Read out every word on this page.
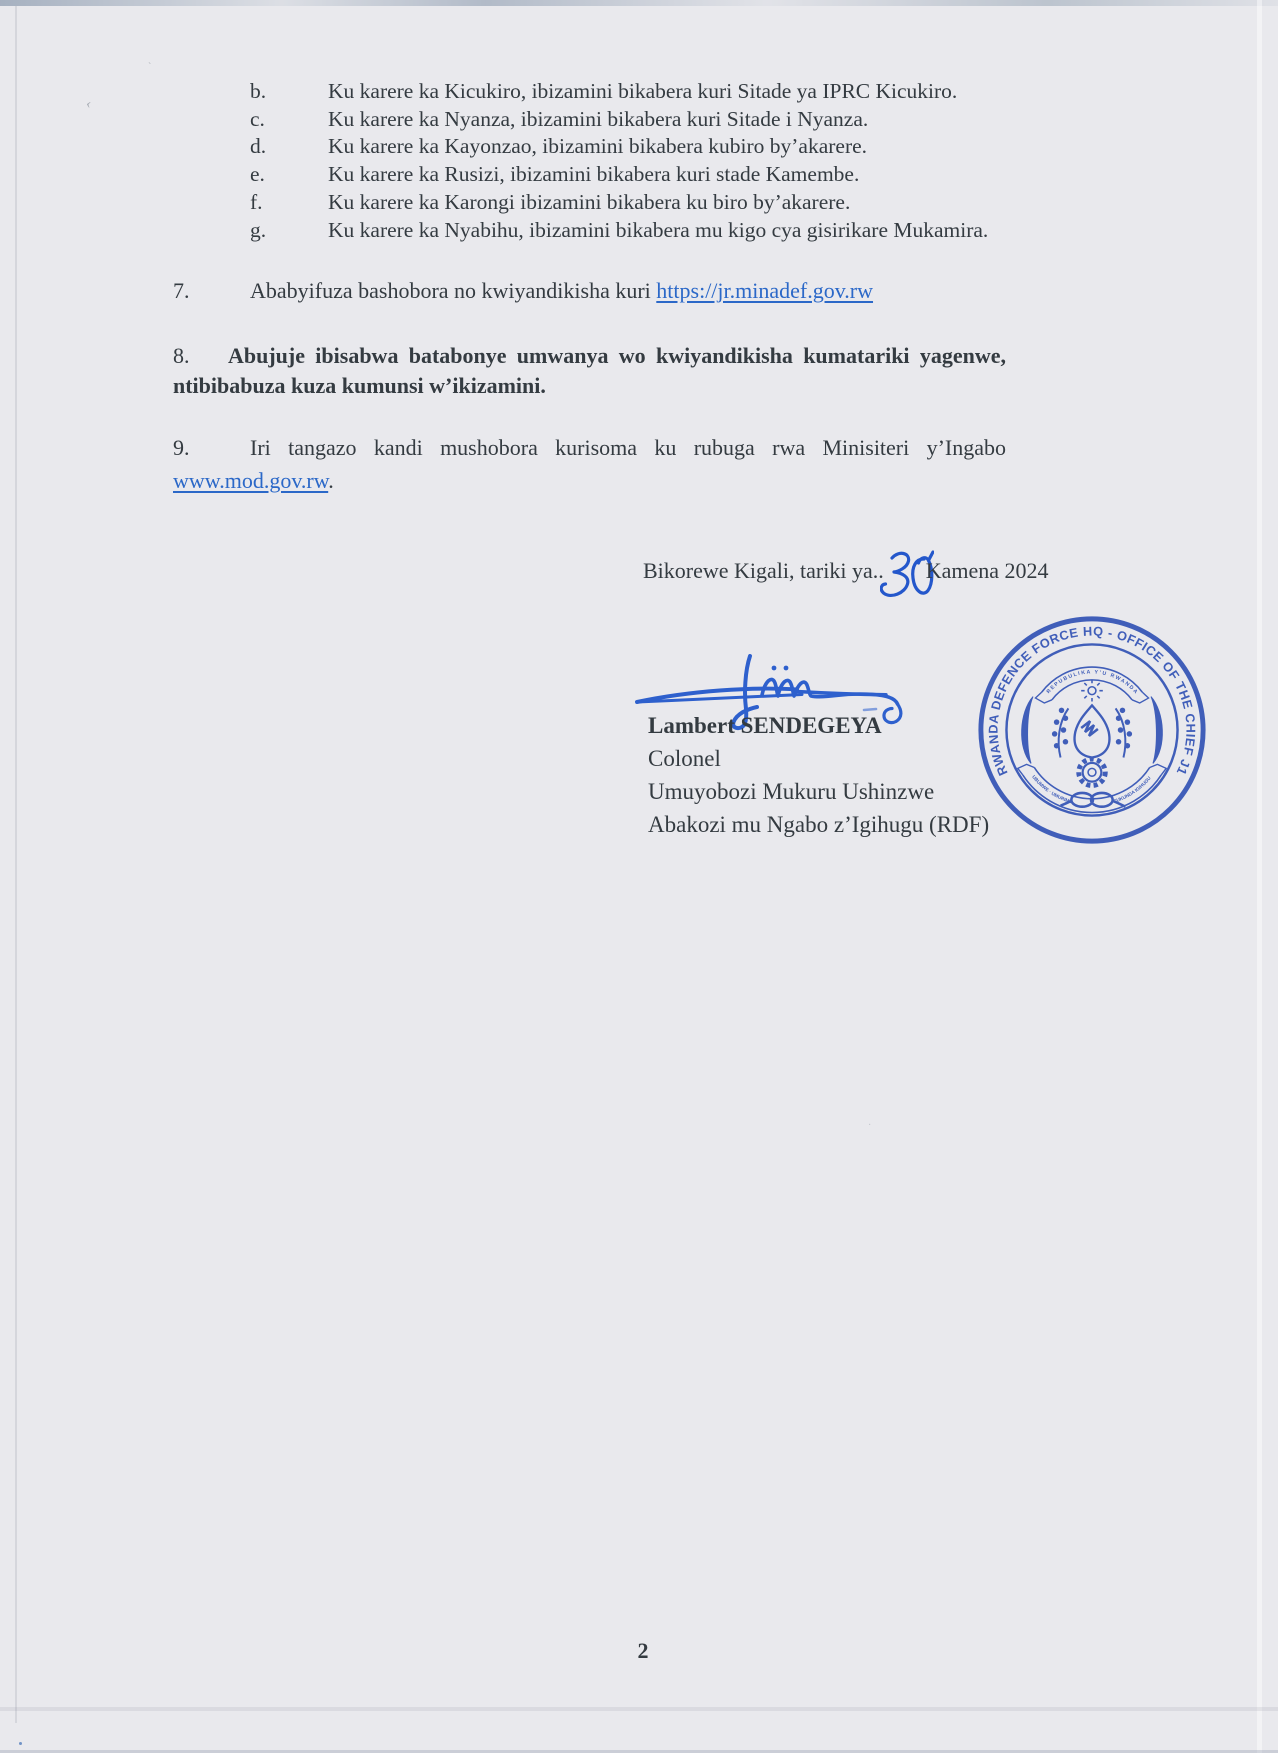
‹
`
·
b.	Ku karere ka Kicukiro, ibizamini bikabera kuri Sitade ya IPRC Kicukiro.
c.	Ku karere ka Nyanza, ibizamini bikabera kuri Sitade i Nyanza.
d.	Ku karere ka Kayonzao, ibizamini bikabera kubiro by’akarere.
e.	Ku karere ka Rusizi, ibizamini bikabera kuri stade Kamembe.
f.	Ku karere ka Karongi ibizamini bikabera ku biro by’akarere.
g.	Ku karere ka Nyabihu, ibizamini bikabera mu kigo cya gisirikare Mukamira.
7.	Ababyifuza bashobora no kwiyandikisha kuri https://jr.minadef.gov.rw
8.	Abujuje ibisabwa batabonye umwanya wo kwiyandikisha kumatariki yagenwe,
ntibibabuza kuza kumunsi w’ikizamini.
9.	Iri tangazo kandi mushobora kurisoma ku rubuga rwa Minisiteri y’Ingabo
www.mod.gov.rw.
Bikorewe Kigali, tariki ya.. Kamena 2024
Lambert SENDEGEYA
Colonel
Umuyobozi Mukuru Ushinzwe
Abakozi mu Ngabo z’Igihugu (RDF)
RWANDA DEFENCE FORCE HQ - OFFICE OF THE CHIEF J1
REPUBULIKA Y'U RWANDA
UBUMWE · UMURIMO	GUKUNDA IGIHUGU
2
